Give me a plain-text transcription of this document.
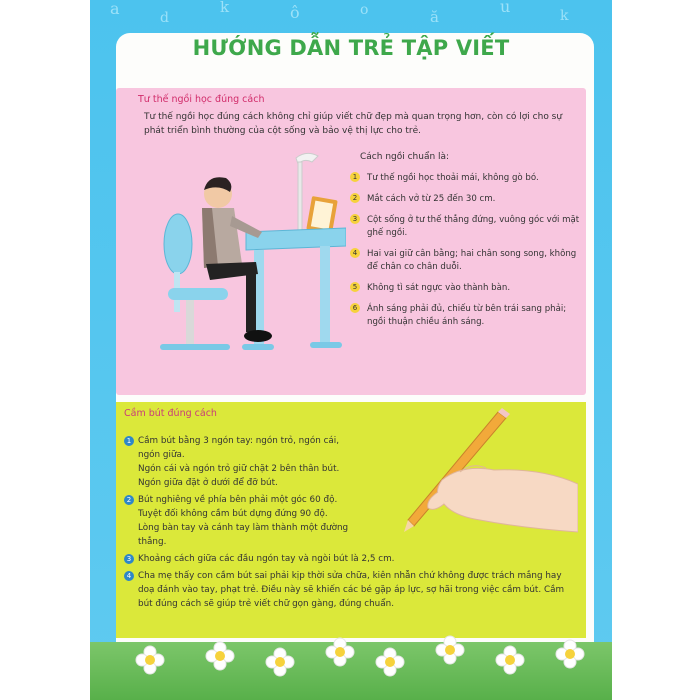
a d
k	ô	o	ă
u	k
HƯỚNG DẪN TRẺ TẬP VIẾT
Tư thế ngồi học đúng cách
Tư thế ngồi học đúng cách không chỉ giúp viết chữ đẹp mà quan trọng hơn, còn có lợi cho sự phát triển bình thường của cột sống và bảo vệ thị lực cho trẻ.
Cách ngồi chuẩn là:
1	Tư thế ngồi học thoải mái, không gò bó.
2	Mắt cách vở từ 25 đến 30 cm.
3	Cột sống ở tư thế thẳng đứng, vuông góc với mặt ghế ngồi.
4	Hai vai giữ cân bằng; hai chân song song, không để chân co chân duỗi.
5	Không tì sát ngực vào thành bàn.
6	Ánh sáng phải đủ, chiếu từ bên trái sang phải; ngồi thuận chiều ánh sáng.
Cầm bút đúng cách
1 Cầm bút bằng 3 ngón tay: ngón trỏ, ngón cái, ngón giữa.
Ngón cái và ngón trỏ giữ chặt 2 bên thân bút.
Ngón giữa đặt ở dưới để đỡ bút.
2 Bút nghiêng về phía bên phải một góc 60 độ.
Tuyệt đối không cầm bút dựng đứng 90 độ.
Lòng bàn tay và cánh tay làm thành một đường thẳng.
3 Khoảng cách giữa các đầu ngón tay và ngòi bút là 2,5 cm.
4 Cha mẹ thấy con cầm bút sai phải kịp thời sửa chữa, kiên nhẫn chứ không được trách mắng hay doạ đánh vào tay, phạt trẻ. Điều này sẽ khiến các bé gặp áp lực, sợ hãi trong việc cầm bút. Cầm bút đúng cách sẽ giúp trẻ viết chữ gọn gàng, đúng chuẩn.
